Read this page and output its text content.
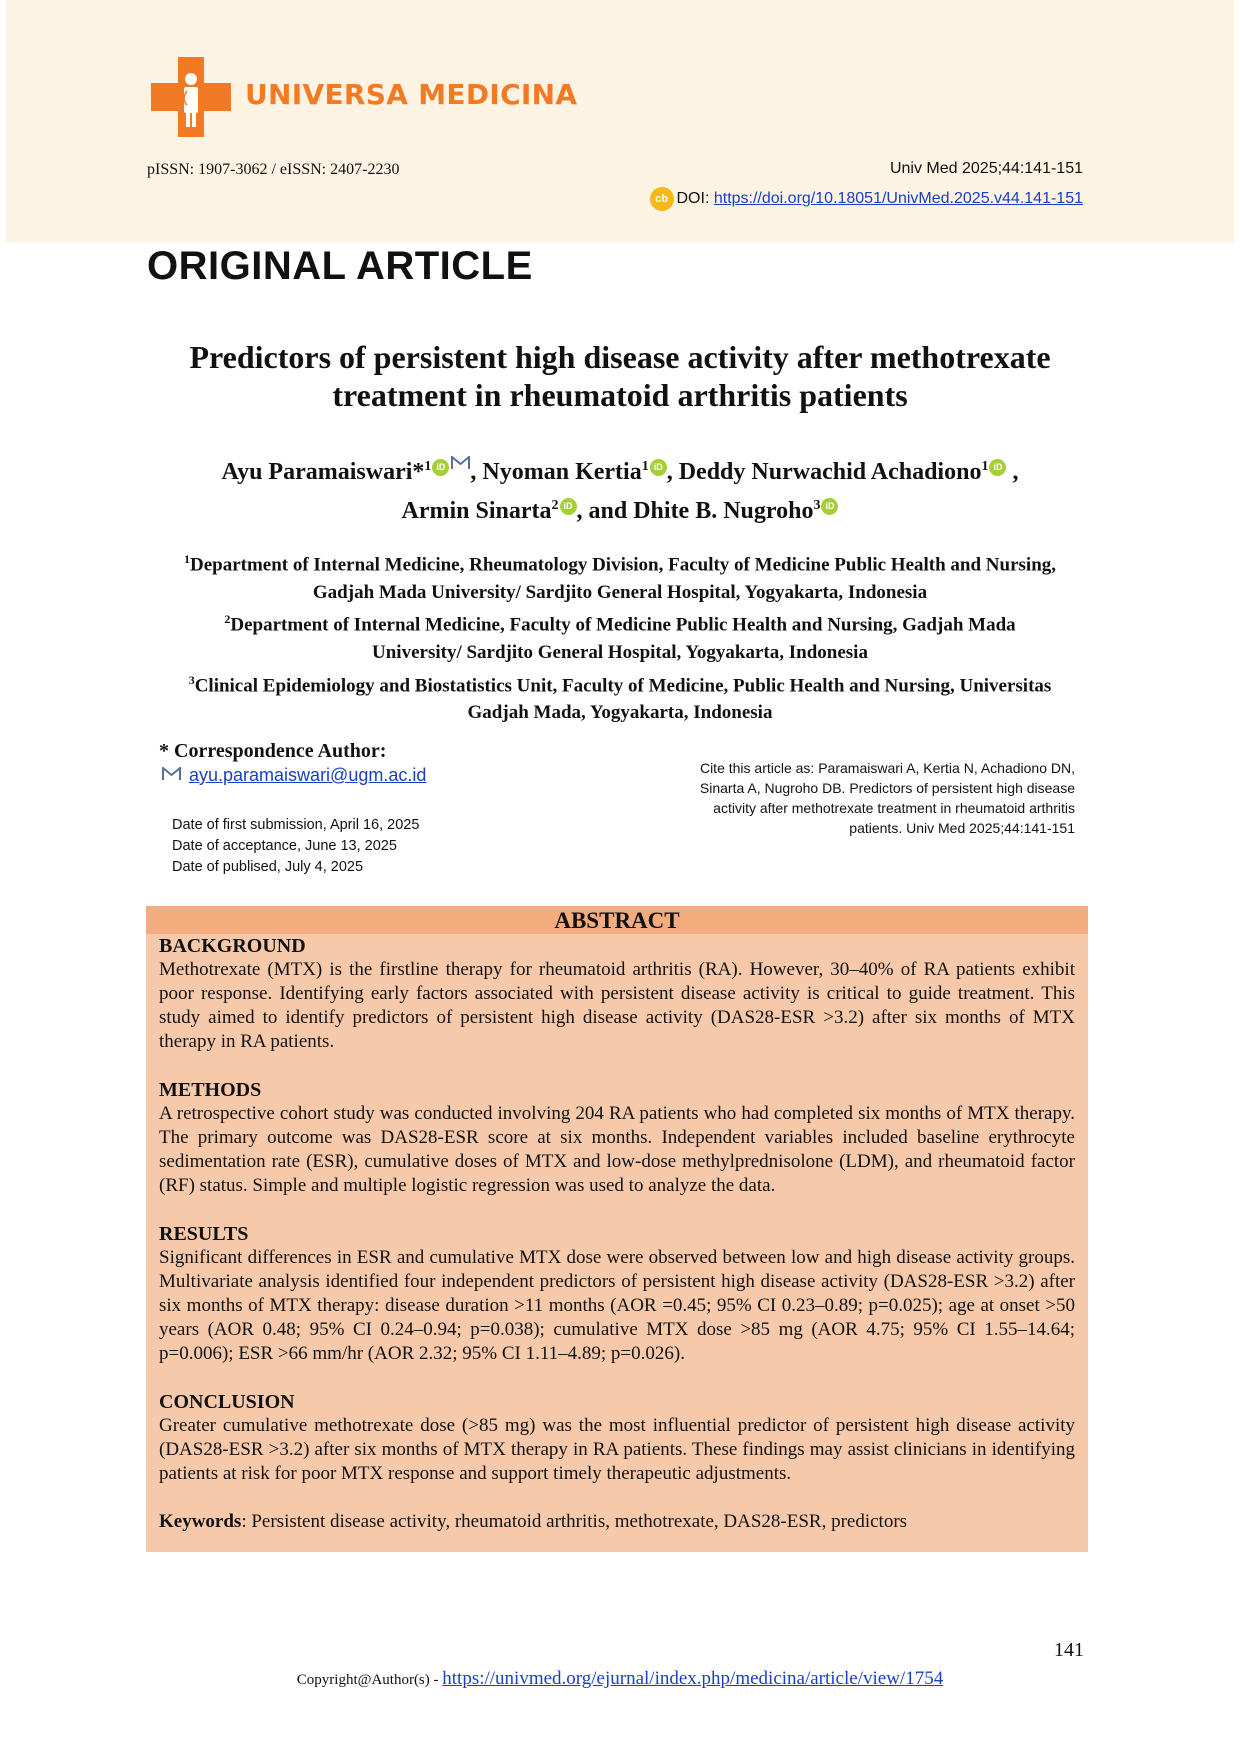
UNIVERSA MEDICINA
pISSN: 1907-3062 / eISSN: 2407-2230	Univ Med 2025;44:141-151
cb DOI: https://doi.org/10.18051/UnivMed.2025.v44.141-151
ORIGINAL ARTICLE
Predictors of persistent high disease activity after methotrexate
treatment in rheumatoid arthritis patients
Ayu Paramaiswari*$^1$ iD , Nyoman Kertia$^1$ iD , Deddy Nurwachid Achadiono$^1$ iD ,
Armin Sinarta$^2$ iD , and Dhite B. Nugroho$^3$ iD
$^1$Department of Internal Medicine, Rheumatology Division, Faculty of Medicine Public Health and Nursing,
Gadjah Mada University/ Sardjito General Hospital, Yogyakarta, Indonesia
$^2$Department of Internal Medicine, Faculty of Medicine Public Health and Nursing, Gadjah Mada
University/ Sardjito General Hospital, Yogyakarta, Indonesia
$^3$Clinical Epidemiology and Biostatistics Unit, Faculty of Medicine, Public Health and Nursing, Universitas
Gadjah Mada, Yogyakarta, Indonesia
* Correspondence Author:
ayu.paramaiswari@ugm.ac.id
Date of first submission, April 16, 2025
Date of acceptance, June 13, 2025
Date of publised, July 4, 2025
Cite this article as: Paramaiswari A, Kertia N, Achadiono DN,
Sinarta A, Nugroho DB. Predictors of persistent high disease
activity after methotrexate treatment in rheumatoid arthritis
patients. Univ Med 2025;44:141-151
ABSTRACT
BACKGROUND

Methotrexate (MTX) is the firstline therapy for rheumatoid arthritis (RA). However, 30–40% of RA patients exhibit poor response. Identifying early factors associated with persistent disease activity is critical to guide treatment. This study aimed to identify predictors of persistent high disease activity (DAS28-ESR >3.2) after six months of MTX therapy in RA patients.

METHODS

A retrospective cohort study was conducted involving 204 RA patients who had completed six months of MTX therapy. The primary outcome was DAS28-ESR score at six months. Independent variables included baseline erythrocyte sedimentation rate (ESR), cumulative doses of MTX and low-dose methylprednisolone (LDM), and rheumatoid factor (RF) status. Simple and multiple logistic regression was used to analyze the data.

RESULTS

Significant differences in ESR and cumulative MTX dose were observed between low and high disease activity groups. Multivariate analysis identified four independent predictors of persistent high disease activity (DAS28-ESR >3.2) after six months of MTX therapy: disease duration >11 months (AOR =0.45; 95% CI 0.23–0.89; p=0.025); age at onset >50 years (AOR 0.48; 95% CI 0.24–0.94; p=0.038); cumulative MTX dose >85 mg (AOR 4.75; 95% CI 1.55–14.64; p=0.006); ESR >66 mm/hr (AOR 2.32; 95% CI 1.11–4.89; p=0.026).

CONCLUSION

Greater cumulative methotrexate dose (>85 mg) was the most influential predictor of persistent high disease activity (DAS28-ESR >3.2) after six months of MTX therapy in RA patients. These findings may assist clinicians in identifying patients at risk for poor MTX response and support timely therapeutic adjustments.

Keywords: Persistent disease activity, rheumatoid arthritis, methotrexate, DAS28-ESR, predictors
141
Copyright@Author(s) - https://univmed.org/ejurnal/index.php/medicina/article/view/1754
